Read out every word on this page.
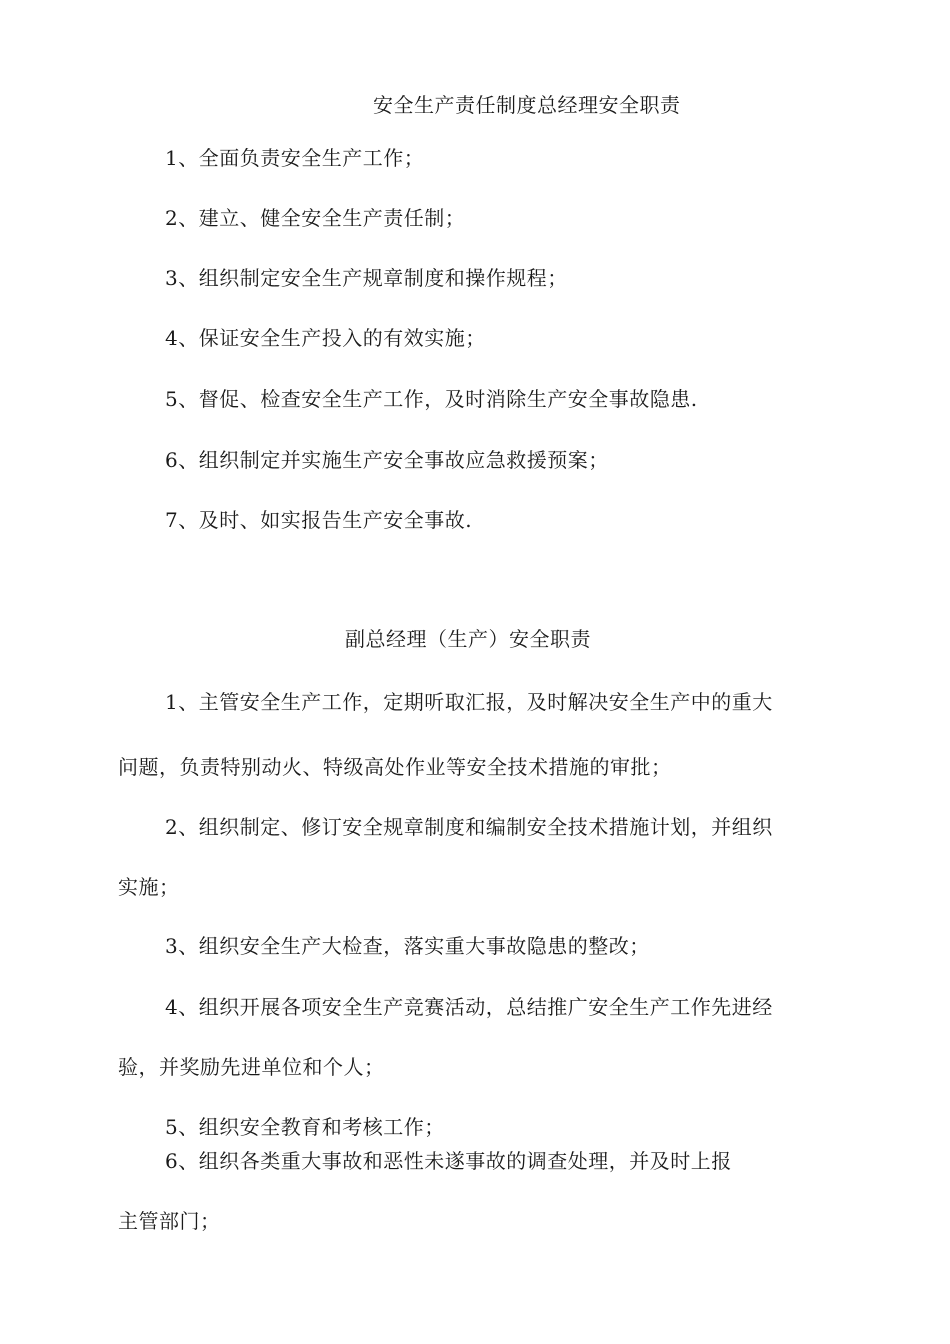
安全生产责任制度总经理安全职责
1、全面负责安全生产工作；
2、建立、健全安全生产责任制；
3、组织制定安全生产规章制度和操作规程；
4、保证安全生产投入的有效实施；
5、督促、检查安全生产工作，及时消除生产安全事故隐患.
6、组织制定并实施生产安全事故应急救援预案；
7、及时、如实报告生产安全事故.
副总经理（生产）安全职责
1、主管安全生产工作，定期听取汇报，及时解决安全生产中的重大
问题，负责特别动火、特级高处作业等安全技术措施的审批；
2、组织制定、修订安全规章制度和编制安全技术措施计划，并组织
实施；
3、组织安全生产大检查，落实重大事故隐患的整改；
4、组织开展各项安全生产竞赛活动，总结推广安全生产工作先进经
验，并奖励先进单位和个人；
5、组织安全教育和考核工作；
6、组织各类重大事故和恶性未遂事故的调查处理，并及时上报
主管部门；
